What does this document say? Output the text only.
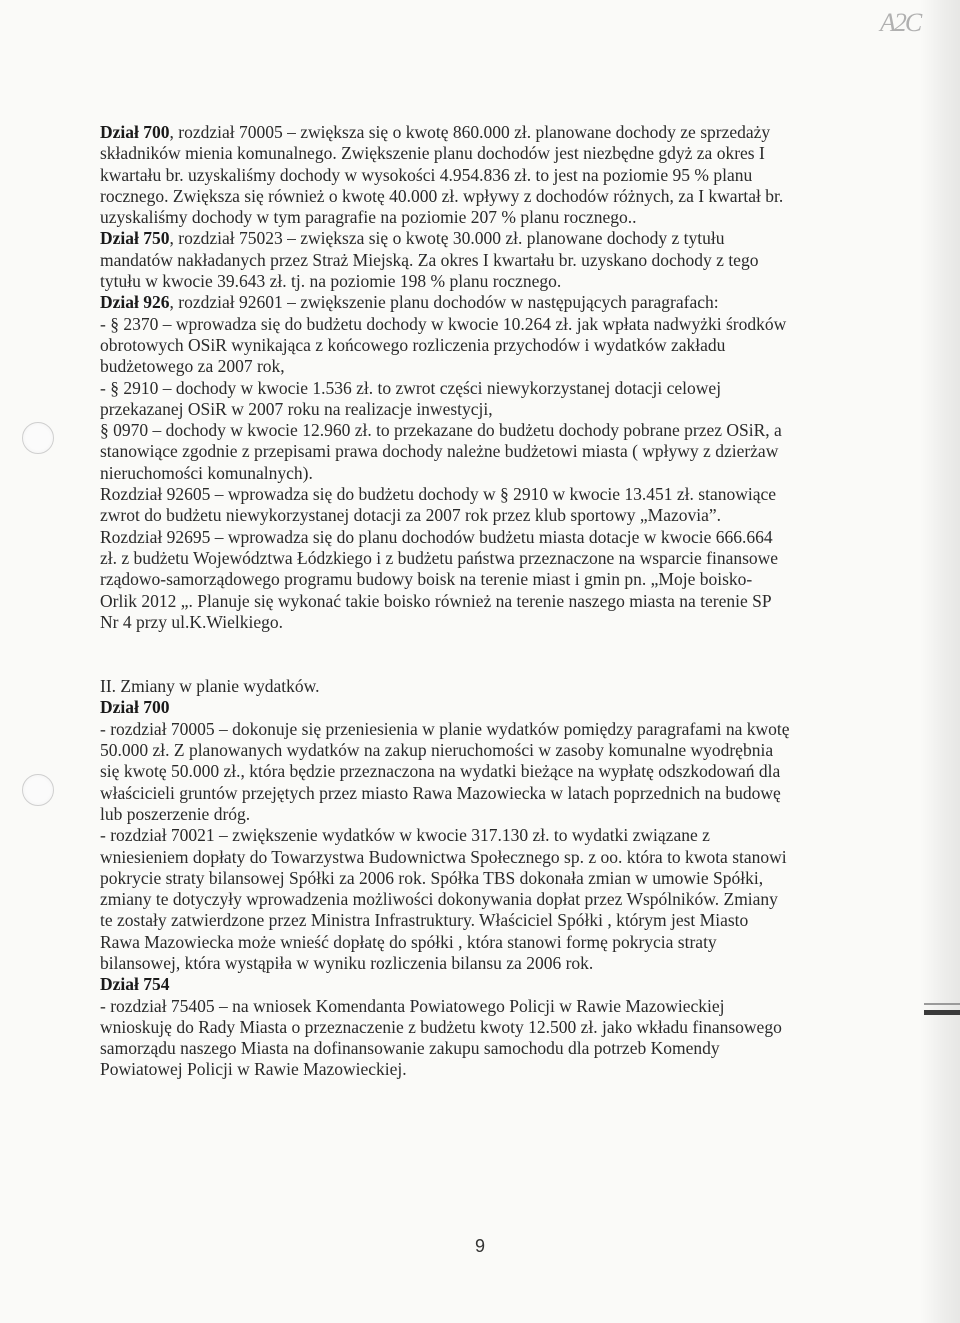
A2C

Dział 700, rozdział 70005 – zwiększa się o kwotę 860.000 zł. planowane dochody ze sprzedaży składników mienia komunalnego. Zwiększenie planu dochodów jest niezbędne gdyż za okres I kwartału br. uzyskaliśmy dochody w wysokości 4.954.836 zł. to jest na poziomie 95 % planu rocznego. Zwiększa się również o kwotę 40.000 zł. wpływy z dochodów różnych, za I kwartał br. uzyskaliśmy dochody w tym paragrafie na poziomie 207 % planu rocznego..

Dział 750, rozdział 75023 – zwiększa się o kwotę 30.000 zł. planowane dochody z tytułu mandatów nakładanych przez Straż Miejską. Za okres I kwartału br. uzyskano dochody z tego tytułu w kwocie 39.643 zł. tj. na poziomie 198 % planu rocznego.

Dział 926, rozdział 92601 – zwiększenie planu dochodów w następujących paragrafach:

- § 2370 – wprowadza się do budżetu dochody w kwocie 10.264 zł. jak wpłata nadwyżki środków obrotowych OSiR wynikająca z końcowego rozliczenia przychodów i wydatków zakładu budżetowego za 2007 rok,

- § 2910 – dochody w kwocie 1.536 zł. to zwrot części niewykorzystanej dotacji celowej przekazanej OSiR w 2007 roku na realizacje inwestycji,

§ 0970 – dochody w kwocie 12.960 zł. to przekazane do budżetu dochody pobrane przez OSiR, a stanowiące zgodnie z przepisami prawa dochody należne budżetowi miasta ( wpływy z dzierżaw nieruchomości komunalnych).

Rozdział 92605 – wprowadza się do budżetu dochody w § 2910 w kwocie 13.451 zł. stanowiące zwrot do budżetu niewykorzystanej dotacji za 2007 rok przez klub sportowy „Mazovia”.

Rozdział 92695 – wprowadza się do planu dochodów budżetu miasta dotacje w kwocie 666.664 zł. z budżetu Województwa Łódzkiego i z budżetu państwa przeznaczone na wsparcie finansowe rządowo-samorządowego programu budowy boisk na terenie miast i gmin pn. „Moje boisko- Orlik 2012 „. Planuje się wykonać takie boisko również na terenie naszego miasta na terenie SP Nr 4 przy ul.K.Wielkiego.

II. Zmiany w planie wydatków.

Dział 700

- rozdział 70005 – dokonuje się przeniesienia w planie wydatków pomiędzy paragrafami na kwotę 50.000 zł. Z planowanych wydatków na zakup nieruchomości w zasoby komunalne wyodrębnia się kwotę 50.000 zł., która będzie przeznaczona na wydatki bieżące na wypłatę odszkodowań dla właścicieli gruntów przejętych przez miasto Rawa Mazowiecka w latach poprzednich na budowę lub poszerzenie dróg.

- rozdział 70021 – zwiększenie wydatków w kwocie 317.130 zł. to wydatki związane z wniesieniem dopłaty do Towarzystwa Budownictwa Społecznego sp. z oo. która to kwota stanowi pokrycie straty bilansowej Spółki za 2006 rok. Spółka TBS dokonała zmian w umowie Spółki, zmiany te dotyczyły wprowadzenia możliwości dokonywania dopłat przez Wspólników. Zmiany te zostały zatwierdzone przez Ministra Infrastruktury. Właściciel Spółki , którym jest Miasto Rawa Mazowiecka może wnieść dopłatę do spółki , która stanowi formę pokrycia straty bilansowej, która wystąpiła w wyniku rozliczenia bilansu za 2006 rok.

Dział 754

- rozdział 75405 – na wniosek Komendanta Powiatowego Policji w Rawie Mazowieckiej wnioskuję do Rady Miasta o przeznaczenie z budżetu kwoty 12.500 zł. jako wkładu finansowego samorządu naszego Miasta na dofinansowanie zakupu samochodu dla potrzeb Komendy Powiatowej Policji w Rawie Mazowieckiej.

9
